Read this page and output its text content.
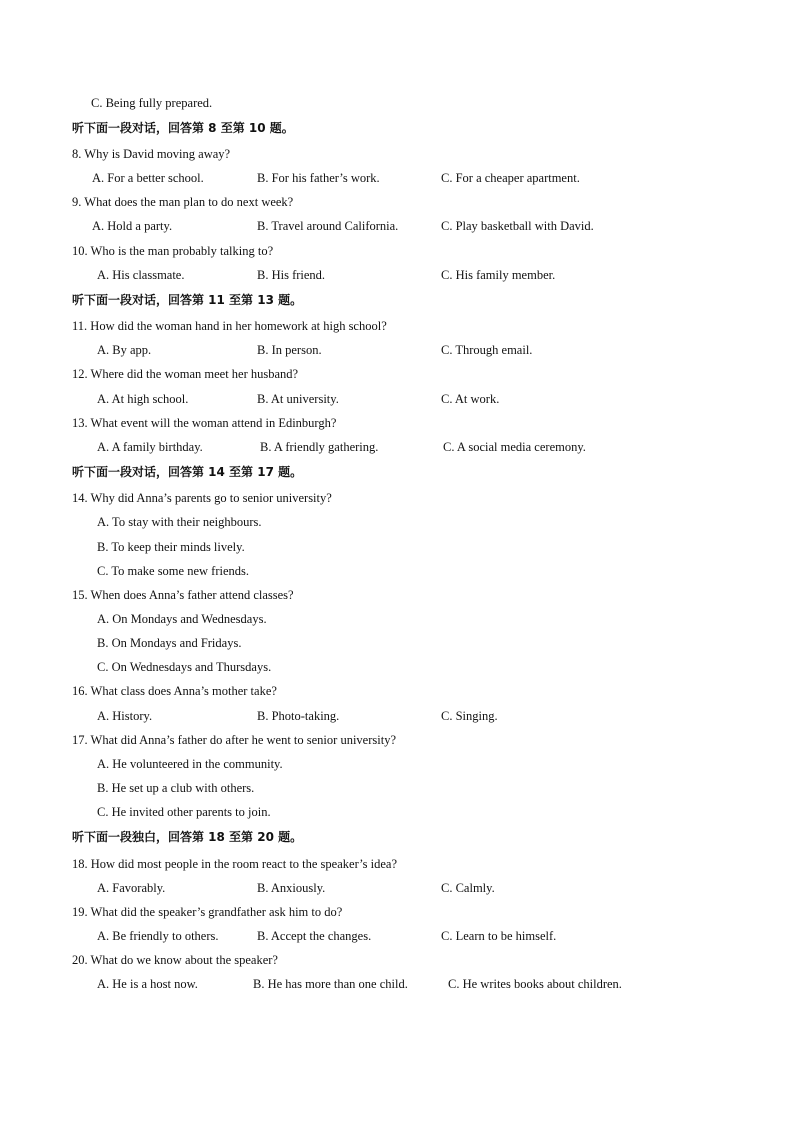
C. Being fully prepared.
听下面一段对话，回答第 8 至第 10 题。
8. Why is David moving away?
A. For a better school.	B. For his father’s work.	C. For a cheaper apartment.
9. What does the man plan to do next week?
A. Hold a party.	B. Travel around California.	C. Play basketball with David.
10. Who is the man probably talking to?
A. His classmate.	B. His friend.	C. His family member.
听下面一段对话，回答第 11 至第 13 题。
11. How did the woman hand in her homework at high school?
A. By app.	B. In person.	C. Through email.
12. Where did the woman meet her husband?
A. At high school.	B. At university.	C. At work.
13. What event will the woman attend in Edinburgh?
A. A family birthday.	B. A friendly gathering.	C. A social media ceremony.
听下面一段对话，回答第 14 至第 17 题。
14. Why did Anna’s parents go to senior university?
A. To stay with their neighbours.
B. To keep their minds lively.
C. To make some new friends.
15. When does Anna’s father attend classes?
A. On Mondays and Wednesdays.
B. On Mondays and Fridays.
C. On Wednesdays and Thursdays.
16. What class does Anna’s mother take?
A. History.	B. Photo-taking.	C. Singing.
17. What did Anna’s father do after he went to senior university?
A. He volunteered in the community.
B. He set up a club with others.
C. He invited other parents to join.
听下面一段独白，回答第 18 至第 20 题。
18. How did most people in the room react to the speaker’s idea?
A. Favorably.	B. Anxiously.	C. Calmly.
19. What did the speaker’s grandfather ask him to do?
A. Be friendly to others.	B. Accept the changes.	C. Learn to be himself.
20. What do we know about the speaker?
A. He is a host now.	B. He has more than one child.	C. He writes books about children.
